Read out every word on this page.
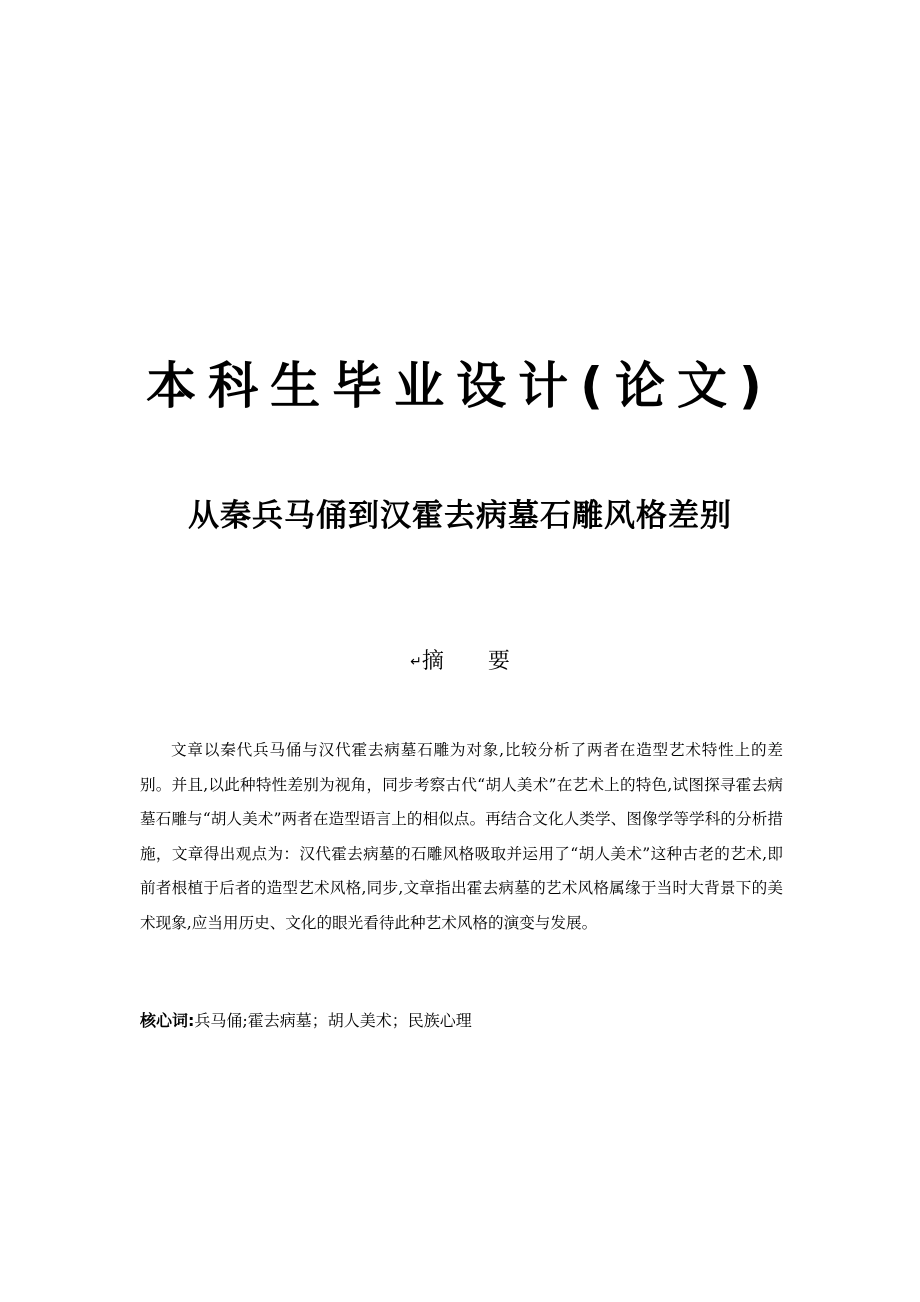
本科生毕业设计(论文)
从秦兵马俑到汉霍去病墓石雕风格差别
↵摘　　要

文章以秦代兵马俑与汉代霍去病墓石雕为对象,比较分析了两者在造型艺术特性上的差别。并且,以此种特性差别为视角，同步考察古代“胡人美术”在艺术上的特色,试图探寻霍去病墓石雕与“胡人美术”两者在造型语言上的相似点。再结合文化人类学、图像学等学科的分析措施，文章得出观点为：汉代霍去病墓的石雕风格吸取并运用了“胡人美术”这种古老的艺术,即前者根植于后者的造型艺术风格,同步,文章指出霍去病墓的艺术风格属缘于当时大背景下的美术现象,应当用历史、文化的眼光看待此种艺术风格的演变与发展。

核心词:兵马俑;霍去病墓；胡人美术；民族心理
